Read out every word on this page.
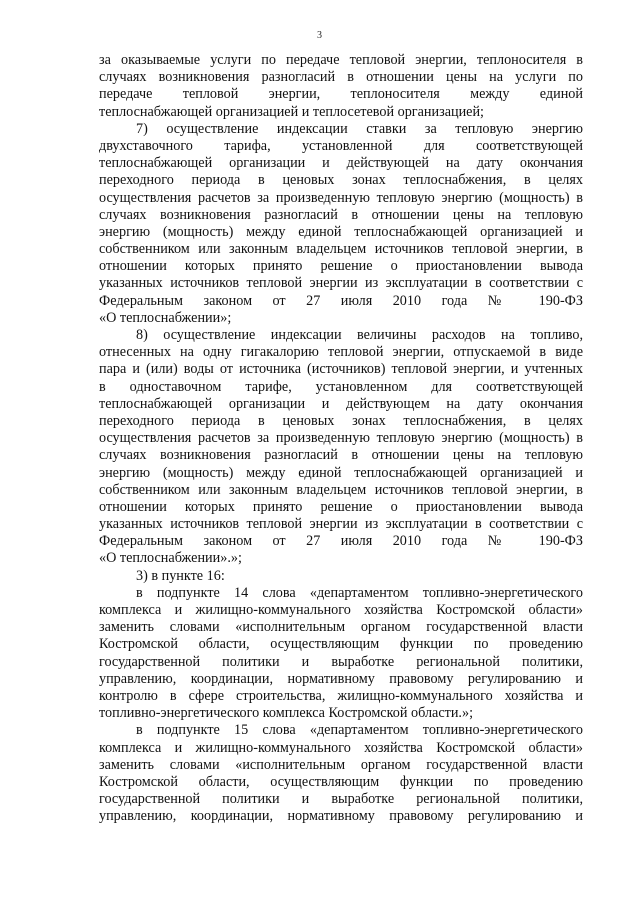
3
за оказываемые услуги по передаче тепловой энергии, теплоносителя в
случаях возникновения разногласий в отношении цены на услуги по
передаче тепловой энергии, теплоносителя между единой
теплоснабжающей организацией и теплосетевой организацией;
7) осуществление индексации ставки за тепловую энергию
двухставочного тарифа, установленной для соответствующей
теплоснабжающей организации и действующей на дату окончания
переходного периода в ценовых зонах теплоснабжения, в целях
осуществления расчетов за произведенную тепловую энергию (мощность) в
случаях возникновения разногласий в отношении цены на тепловую
энергию (мощность) между единой теплоснабжающей организацией и
собственником или законным владельцем источников тепловой энергии, в
отношении которых принято решение о приостановлении вывода
указанных источников тепловой энергии из эксплуатации в соответствии с
Федеральным законом от 27 июля 2010 года № 190-ФЗ
«О теплоснабжении»;
8) осуществление индексации величины расходов на топливо,
отнесенных на одну гигакалорию тепловой энергии, отпускаемой в виде
пара и (или) воды от источника (источников) тепловой энергии, и учтенных
в одноставочном тарифе, установленном для соответствующей
теплоснабжающей организации и действующем на дату окончания
переходного периода в ценовых зонах теплоснабжения, в целях
осуществления расчетов за произведенную тепловую энергию (мощность) в
случаях возникновения разногласий в отношении цены на тепловую
энергию (мощность) между единой теплоснабжающей организацией и
собственником или законным владельцем источников тепловой энергии, в
отношении которых принято решение о приостановлении вывода
указанных источников тепловой энергии из эксплуатации в соответствии с
Федеральным законом от 27 июля 2010 года № 190-ФЗ
«О теплоснабжении».»;
3) в пункте 16:
в подпункте 14 слова «департаментом топливно-энергетического
комплекса и жилищно-коммунального хозяйства Костромской области»
заменить словами «исполнительным органом государственной власти
Костромской области, осуществляющим функции по проведению
государственной политики и выработке региональной политики,
управлению, координации, нормативному правовому регулированию и
контролю в сфере строительства, жилищно-коммунального хозяйства и
топливно-энергетического комплекса Костромской области.»;
в подпункте 15 слова «департаментом топливно-энергетического
комплекса и жилищно-коммунального хозяйства Костромской области»
заменить словами «исполнительным органом государственной власти
Костромской области, осуществляющим функции по проведению
государственной политики и выработке региональной политики,
управлению, координации, нормативному правовому регулированию и
